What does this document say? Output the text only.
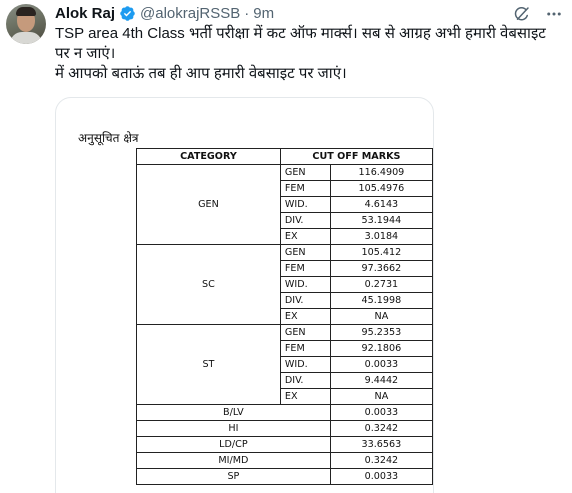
Alok Raj @alokrajRSSB · 9m

TSP area 4th Class भर्ती परीक्षा में कट ऑफ मार्क्स। सब से आग्रह अभी हमारी वेबसाइट पर न जाएं।

में आपको बताऊं तब ही आप हमारी वेबसाइट पर जाएं।

अनुसूचित क्षेत्र
CATEGORY	CUT OFF MARKS	
GEN	GEN	116.4909
	FEM	105.4976
	WID.	4.6143
	DIV.	53.1944
	EX	3.0184
SC	GEN	105.412
	FEM	97.3662
	WID.	0.2731
	DIV.	45.1998
	EX	NA
ST	GEN	95.2353
	FEM	92.1806
	WID.	0.0033
	DIV.	9.4442
	EX	NA
B/LV		0.0033
HI		0.3242
LD/CP		33.6563
MI/MD		0.3242
SP		0.0033
